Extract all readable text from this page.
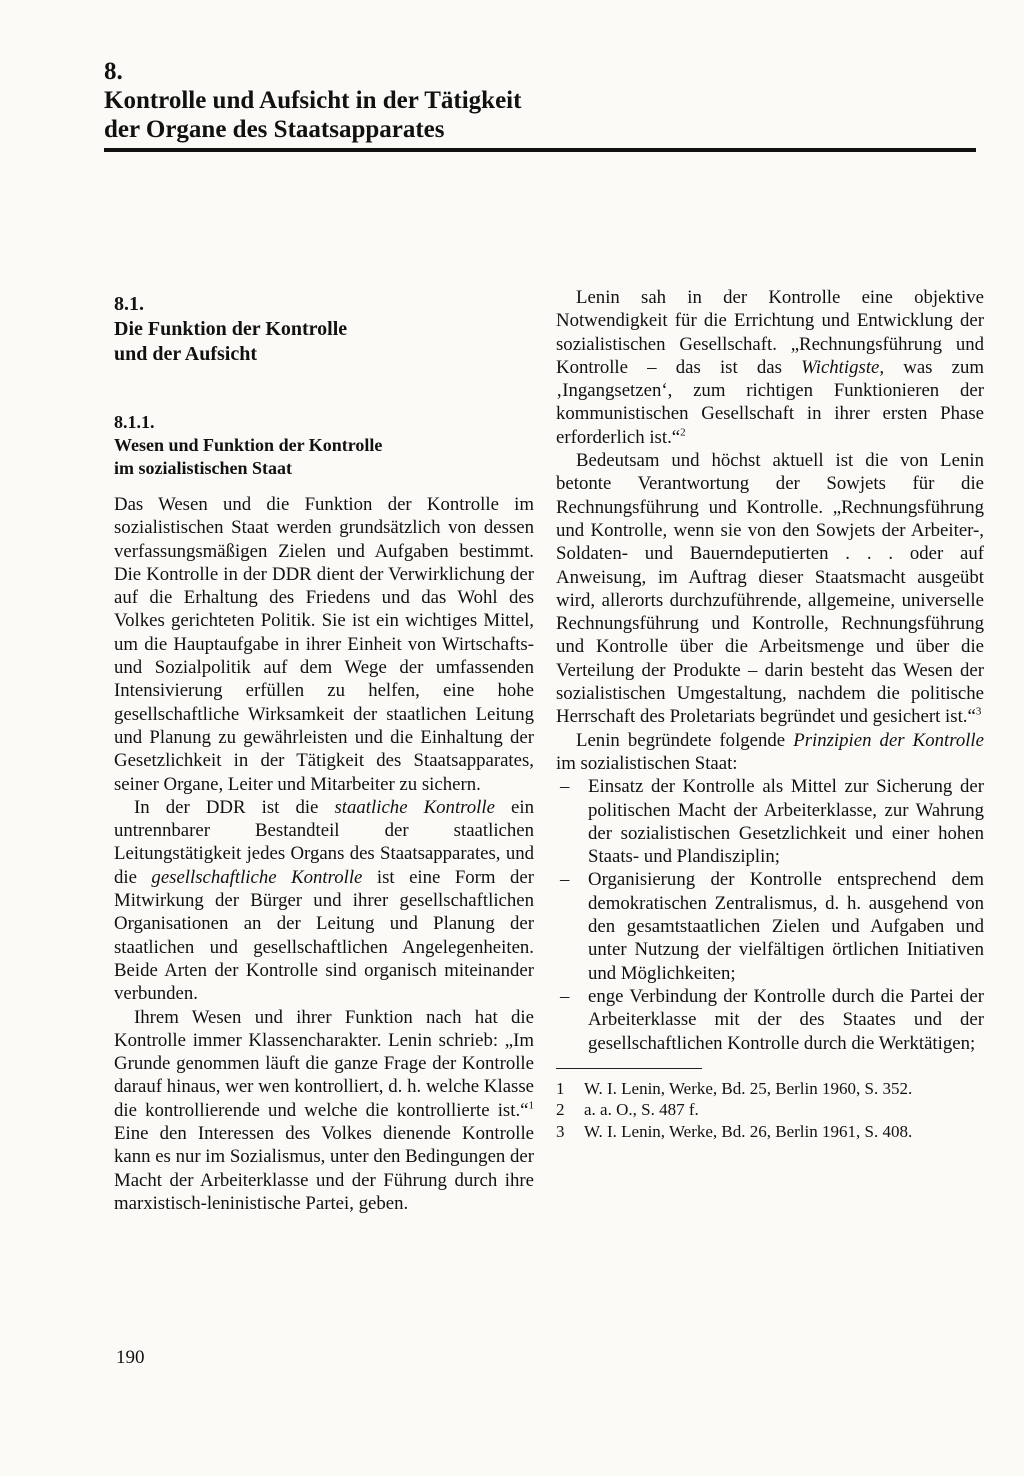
8.
Kontrolle und Aufsicht in der Tätigkeit
der Organe des Staatsapparates
8.1.
Die Funktion der Kontrolle
und der Aufsicht
8.1.1.
Wesen und Funktion der Kontrolle
im sozialistischen Staat

Das Wesen und die Funktion der Kontrolle im sozialistischen Staat werden grundsätzlich von dessen verfassungsmäßigen Zielen und Aufgaben bestimmt. Die Kontrolle in der DDR dient der Verwirklichung der auf die Erhaltung des Friedens und das Wohl des Volkes gerichteten Politik. Sie ist ein wichtiges Mittel, um die Hauptaufgabe in ihrer Einheit von Wirtschafts- und Sozialpolitik auf dem Wege der umfassenden Intensivierung erfüllen zu helfen, eine hohe gesellschaftliche Wirksamkeit der staatlichen Leitung und Planung zu gewährleisten und die Einhaltung der Gesetzlichkeit in der Tätigkeit des Staatsapparates, seiner Organe, Leiter und Mitarbeiter zu sichern.

In der DDR ist die staatliche Kontrolle ein untrennbarer Bestandteil der staatlichen Leitungstätigkeit jedes Organs des Staatsapparates, und die gesellschaftliche Kontrolle ist eine Form der Mitwirkung der Bürger und ihrer gesellschaftlichen Organisationen an der Leitung und Planung der staatlichen und gesellschaftlichen Angelegenheiten. Beide Arten der Kontrolle sind organisch miteinander verbunden.

Ihrem Wesen und ihrer Funktion nach hat die Kontrolle immer Klassencharakter. Lenin schrieb: „Im Grunde genommen läuft die ganze Frage der Kontrolle darauf hinaus, wer wen kontrolliert, d. h. welche Klasse die kontrollierende und welche die kontrollierte ist.“$^1$ Eine den Interessen des Volkes dienende Kontrolle kann es nur im Sozialismus, unter den Bedingungen der Macht der Arbeiterklasse und der Führung durch ihre marxistisch-leninistische Partei, geben.

Lenin sah in der Kontrolle eine objektive Notwendigkeit für die Errichtung und Entwicklung der sozialistischen Gesellschaft. „Rechnungsführung und Kontrolle – das ist das Wichtigste, was zum ‚Ingangsetzen‘, zum richtigen Funktionieren der kommunistischen Gesellschaft in ihrer ersten Phase erforderlich ist.“$^2$

Bedeutsam und höchst aktuell ist die von Lenin betonte Verantwortung der Sowjets für die Rechnungsführung und Kontrolle. „Rechnungsführung und Kontrolle, wenn sie von den Sowjets der Arbeiter-, Soldaten- und Bauerndeputierten . . . oder auf Anweisung, im Auftrag dieser Staatsmacht ausgeübt wird, allerorts durchzuführende, allgemeine, universelle Rechnungsführung und Kontrolle, Rechnungsführung und Kontrolle über die Arbeitsmenge und über die Verteilung der Produkte – darin besteht das Wesen der sozialistischen Umgestaltung, nachdem die politische Herrschaft des Proletariats begründet und gesichert ist.“$^3$

Lenin begründete folgende Prinzipien der Kontrolle im sozialistischen Staat:

– Einsatz der Kontrolle als Mittel zur Sicherung der politischen Macht der Arbeiterklasse, zur Wahrung der sozialistischen Gesetzlichkeit und einer hohen Staats- und Plandisziplin;
– Organisierung der Kontrolle entsprechend dem demokratischen Zentralismus, d. h. ausgehend von den gesamtstaatlichen Zielen und Aufgaben und unter Nutzung der vielfältigen örtlichen Initiativen und Möglichkeiten;
– enge Verbindung der Kontrolle durch die Partei der Arbeiterklasse mit der des Staates und der gesellschaftlichen Kontrolle durch die Werktätigen;
1 W. I. Lenin, Werke, Bd. 25, Berlin 1960, S. 352.
2 a. a. O., S. 487 f.
3 W. I. Lenin, Werke, Bd. 26, Berlin 1961, S. 408.
190
